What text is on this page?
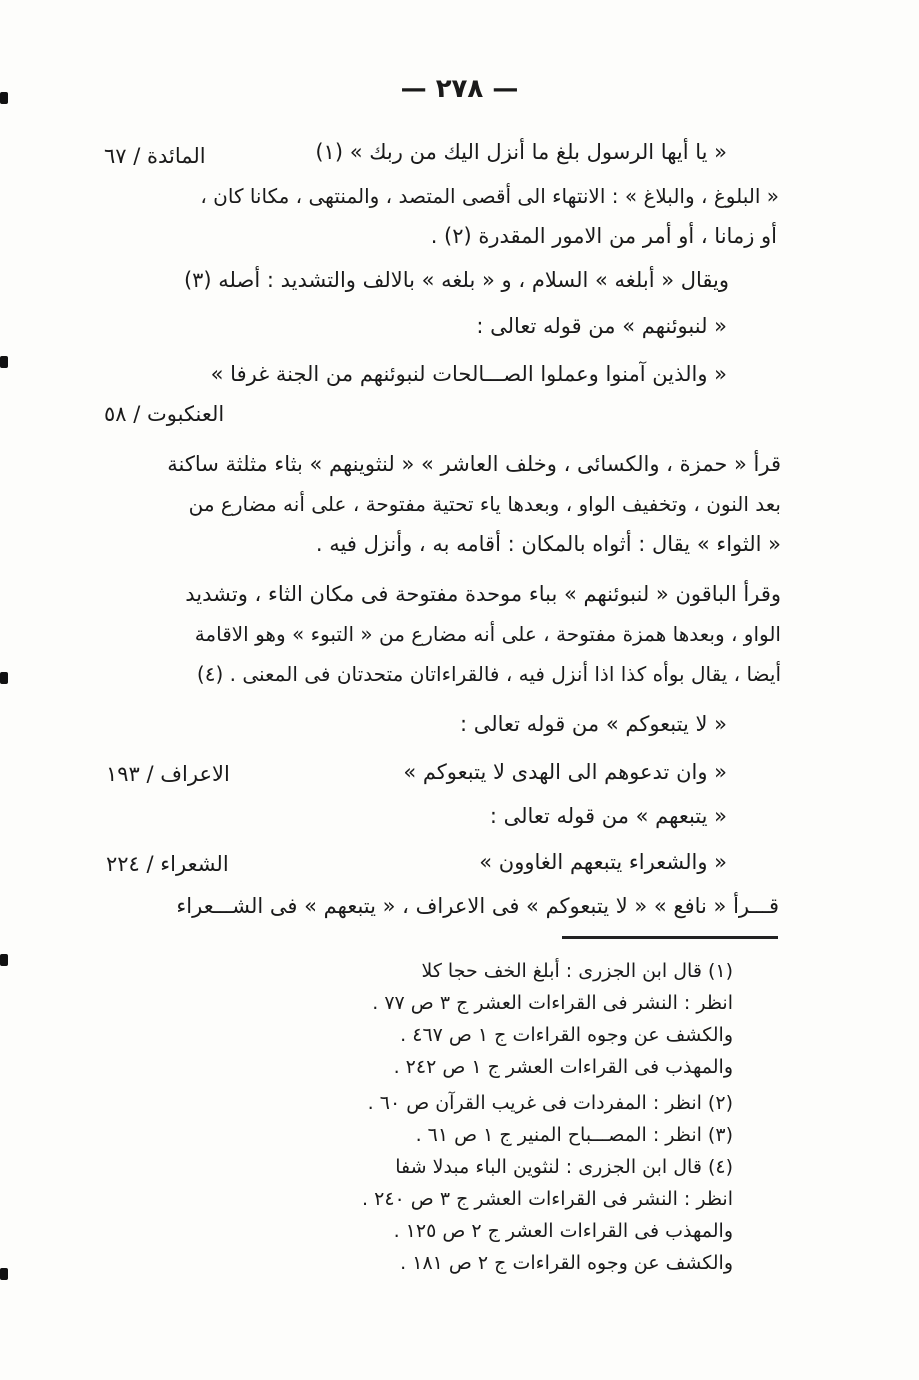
— ٢٧٨ —
« يا أيها الرسول بلغ ما أنزل اليك من ربك » (١)
المائدة / ٦٧
« البلوغ ، والبلاغ » : الانتهاء الى أقصى المتصد ، والمنتهى ، مكانا كان ،
أو زمانا ، أو أمر من الامور المقدرة (٢) .
ويقال « أبلغه » السلام ، و « بلغه » بالالف والتشديد : أصله (٣)
« لنبوئنهم » من قوله تعالى :
« والذين آمنوا وعملوا الصـــالحات لنبوئنهم من الجنة غرفا »
العنكبوت / ٥٨
قرأ « حمزة ، والكسائى ، وخلف العاشر » « لنثوينهم » بثاء مثلثة ساكنة
بعد النون ، وتخفيف الواو ، وبعدها ياء تحتية مفتوحة ، على أنه مضارع من
« الثواء » يقال : أثواه بالمكان : أقامه به ، وأنزل فيه .
وقرأ الباقون « لنبوئنهم » بباء موحدة مفتوحة فى مكان الثاء ، وتشديد
الواو ، وبعدها همزة مفتوحة ، على أنه مضارع من « التبوء » وهو الاقامة
أيضا ، يقال بوأه كذا اذا أنزل فيه ، فالقراءاتان متحدتان فى المعنى . (٤)
« لا يتبعوكم » من قوله تعالى :
« وان تدعوهم الى الهدى لا يتبعوكم »
الاعراف / ١٩٣
« يتبعهم » من قوله تعالى :
« والشعراء يتبعهم الغاوون »
الشعراء / ٢٢٤
قـــرأ « نافع » « لا يتبعوكم » فى الاعراف ، « يتبعهم » فى الشـــعراء
(١) قال ابن الجزرى : أبلغ الخف حجا كلا
انظر : النشر فى القراءات العشر ج ٣ ص ٧٧ .
والكشف عن وجوه القراءات ج ١ ص ٤٦٧ .
والمهذب فى القراءات العشر ج ١ ص ٢٤٢ .
(٢) انظر : المفردات فى غريب القرآن ص ٦٠ .
(٣) انظر : المصـــباح المنير ج ١ ص ٦١ .
(٤) قال ابن الجزرى : لنثوين الباء مبدلا شفا
انظر : النشر فى القراءات العشر ج ٣ ص ٢٤٠ .
والمهذب فى القراءات العشر ج ٢ ص ١٢٥ .
والكشف عن وجوه القراءات ج ٢ ص ١٨١ .
